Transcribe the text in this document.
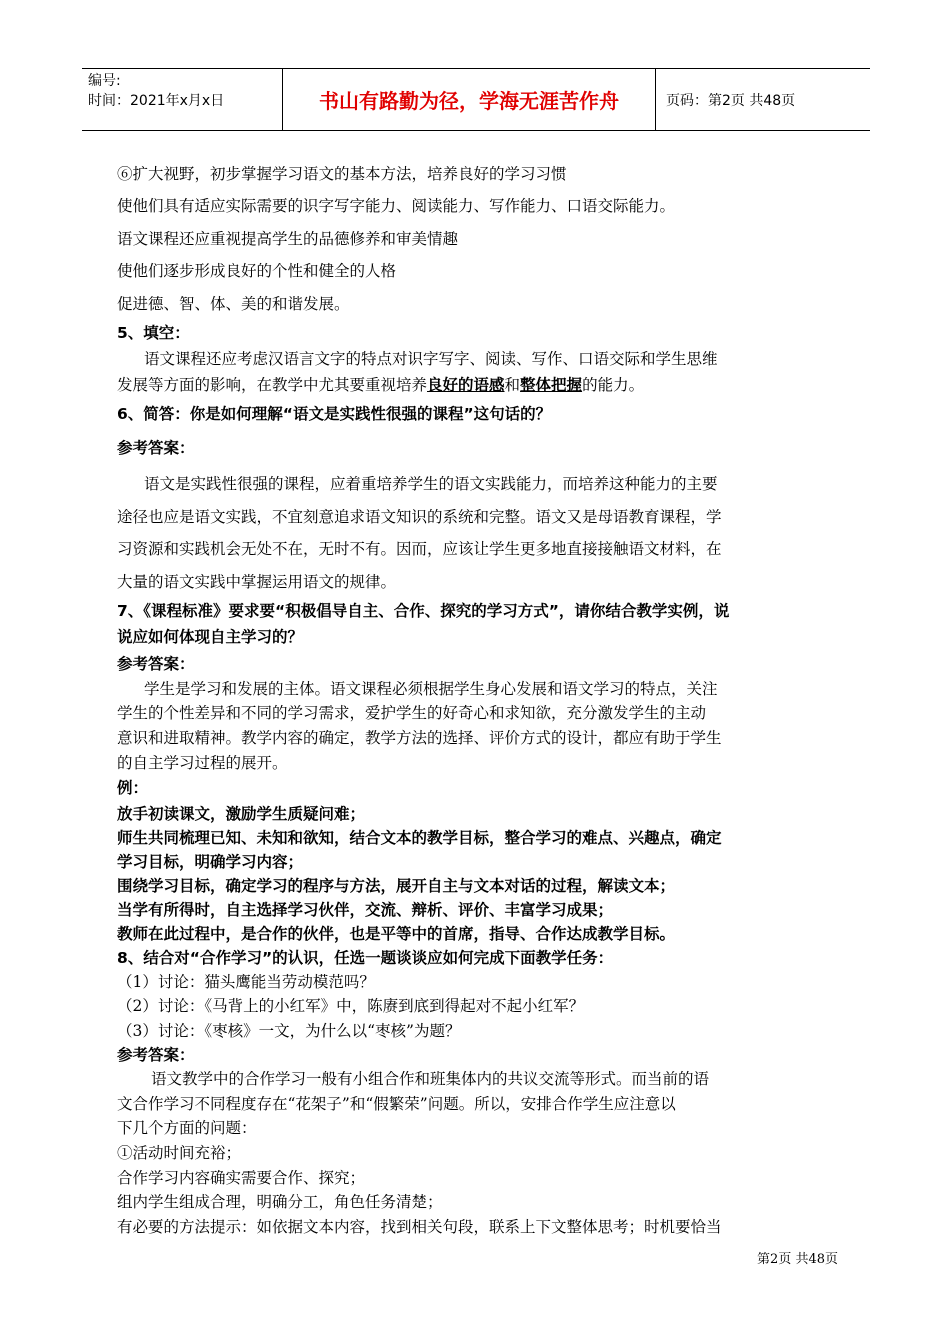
编号:
时间：2021年x月x日	书山有路勤为径，学海无涯苦作舟	页码：第2页 共48页
⑥扩大视野，初步掌握学习语文的基本方法，培养良好的学习习惯
使他们具有适应实际需要的识字写字能力、阅读能力、写作能力、口语交际能力。
语文课程还应重视提高学生的品德修养和审美情趣
使他们逐步形成良好的个性和健全的人格
促进德、智、体、美的和谐发展。
5、填空：
语文课程还应考虑汉语言文字的特点对识字写字、阅读、写作、口语交际和学生思维
发展等方面的影响，在教学中尤其要重视培养良好的语感和整体把握的能力。
6、简答：你是如何理解“语文是实践性很强的课程”这句话的？
参考答案：
语文是实践性很强的课程，应着重培养学生的语文实践能力，而培养这种能力的主要
途径也应是语文实践，不宜刻意追求语文知识的系统和完整。语文又是母语教育课程，学
习资源和实践机会无处不在，无时不有。因而，应该让学生更多地直接接触语文材料，在
大量的语文实践中掌握运用语文的规律。
7、《课程标准》要求要“积极倡导自主、合作、探究的学习方式”，请你结合教学实例，说
说应如何体现自主学习的？
参考答案：
学生是学习和发展的主体。语文课程必须根据学生身心发展和语文学习的特点，关注
学生的个性差异和不同的学习需求，爱护学生的好奇心和求知欲，充分激发学生的主动
意识和进取精神。教学内容的确定，教学方法的选择、评价方式的设计，都应有助于学生
的自主学习过程的展开。
例：
放手初读课文，激励学生质疑问难；
师生共同梳理已知、未知和欲知，结合文本的教学目标，整合学习的难点、兴趣点，确定
学习目标，明确学习内容；
围绕学习目标，确定学习的程序与方法，展开自主与文本对话的过程，解读文本；
当学有所得时，自主选择学习伙伴，交流、辩析、评价、丰富学习成果；
教师在此过程中，是合作的伙伴，也是平等中的首席，指导、合作达成教学目标。
8、结合对“合作学习”的认识，任选一题谈谈应如何完成下面教学任务：
（1）讨论：猫头鹰能当劳动模范吗？
（2）讨论：《马背上的小红军》中，陈赓到底到得起对不起小红军？
（3）讨论：《枣核》一文，为什么以“枣核”为题？
参考答案：
语文教学中的合作学习一般有小组合作和班集体内的共议交流等形式。而当前的语
文合作学习不同程度存在“花架子”和“假繁荣”问题。所以，安排合作学生应注意以
下几个方面的问题：
①活动时间充裕；
合作学习内容确实需要合作、探究；
组内学生组成合理，明确分工，角色任务清楚；
有必要的方法提示：如依据文本内容，找到相关句段，联系上下文整体思考；时机要恰当
第2页 共48页
